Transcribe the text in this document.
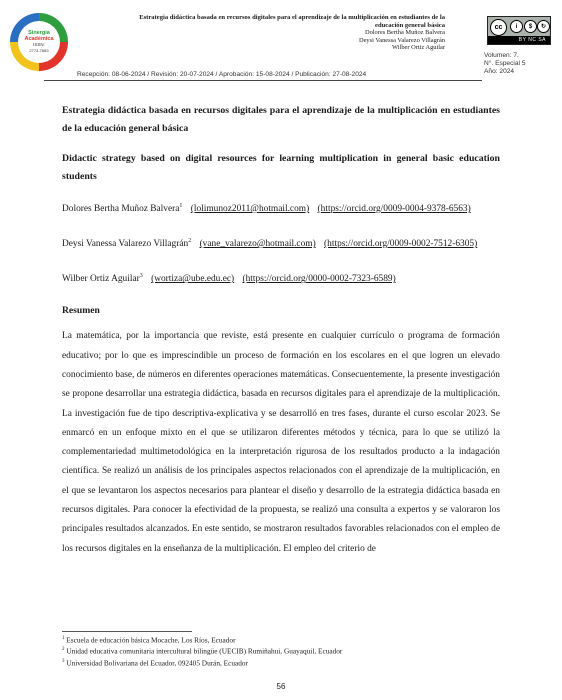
Sinergia
Académica
ISSN:
2773-7683
Estrategia didáctica basada en recursos digitales para el aprendizaje de la multiplicación en estudiantes de la educación general básica
Dolores Bertha Muñoz Balvera
Deysi Vanessa Valarezo Villagrán
Wilber Ortiz Aguilar
cc	i	$	↻
BY NC SA
Volumen: 7.
N°. Especial 5
Año: 2024
Recepción: 08-06-2024 / Revisión: 20-07-2024 / Aprobación: 15-08-2024 / Publicación: 27-08-2024

Estrategia didáctica basada en recursos digitales para el aprendizaje de la multiplicación en estudiantes de la educación general básica

Didactic strategy based on digital resources for learning multiplication in general basic education students

Dolores Bertha Muñoz Balvera$^1$ (lolimunoz2011@hotmail.com) (https://orcid.org/0009-0004-9378-6563)

Deysi Vanessa Valarezo Villagrán$^2$ (vane_valarezo@hotmail.com) (https://orcid.org/0009-0002-7512-6305)

Wilber Ortiz Aguilar$^3$ (wortiza@ube.edu.ec) (https://orcid.org/0000-0002-7323-6589)

Resumen

La matemática, por la importancia que reviste, está presente en cualquier currículo o programa de formación educativo; por lo que es imprescindible un proceso de formación en los escolares en el que logren un elevado conocimiento base, de números en diferentes operaciones matemáticas. Consecuentemente, la presente investigación se propone desarrollar una estrategia didáctica, basada en recursos digitales para el aprendizaje de la multiplicación. La investigación fue de tipo descriptiva-explicativa y se desarrolló en tres fases, durante el curso escolar 2023. Se enmarcó en un enfoque mixto en el que se utilizaron diferentes métodos y técnica, para lo que se utilizó la complementariedad multimetodológica en la interpretación rigurosa de los resultados producto a la indagación científica. Se realizó un análisis de los principales aspectos relacionados con el aprendizaje de la multiplicación, en el que se levantaron los aspectos necesarios para plantear el diseño y desarrollo de la estrategia didáctica basada en recursos digitales. Para conocer la efectividad de la propuesta, se realizó una consulta a expertos y se valoraron los principales resultados alcanzados. En este sentido, se mostraron resultados favorables relacionados con el empleo de los recursos digitales en la enseñanza de la multiplicación. El empleo del criterio de

$^1$ Escuela de educación básica Mocache, Los Ríos, Ecuador
$^2$ Unidad educativa comunitaria intercultural bilingüe (UECIB) Rumiñahui, Guayaquil, Ecuador
$^3$ Universidad Bolivariana del Ecuador, 092405 Durán, Ecuador
56
